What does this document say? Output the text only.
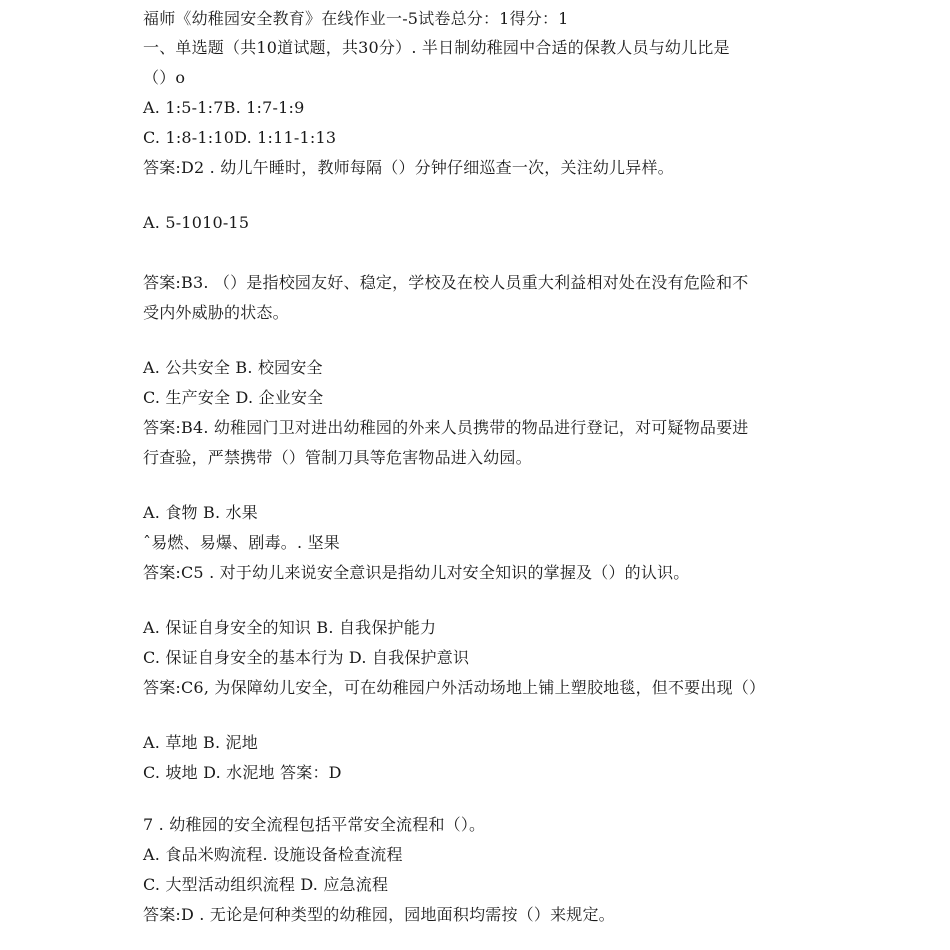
福师《幼稚园安全教育》在线作业一-5试卷总分：1得分：1
一、单选题（共10道试题，共30分）. 半日制幼稚园中合适的保教人员与幼儿比是
（）o
A. 1:5-1:7B. 1:7-1:9
C. 1:8-1:10D. 1:11-1:13
答案:D2 . 幼儿午睡时，教师每隔（）分钟仔细巡查一次，关注幼儿异样。
A. 5-1010-15
答案:B3. （）是指校园友好、稳定，学校及在校人员重大利益相对处在没有危险和不
受内外威胁的状态。
A. 公共安全 B. 校园安全
C. 生产安全 D. 企业安全
答案:B4. 幼稚园门卫对进出幼稚园的外来人员携带的物品进行登记，对可疑物品要进
行查验，严禁携带（）管制刀具等危害物品进入幼园。
A. 食物 B. 水果
ˆ易燃、易爆、剧毒。. 坚果
答案:C5 . 对于幼儿来说安全意识是指幼儿对安全知识的掌握及（）的认识。
A. 保证自身安全的知识 B. 自我保护能力
C. 保证自身安全的基本行为 D. 自我保护意识
答案:C6, 为保障幼儿安全，可在幼稚园户外活动场地上铺上塑胶地毯，但不要出现（）
A. 草地 B. 泥地
C. 坡地 D. 水泥地 答案：D
7 . 幼稚园的安全流程包括平常安全流程和（）。
A. 食品米购流程. 设施设备检查流程
C. 大型活动组织流程 D. 应急流程
答案:D . 无论是何种类型的幼稚园，园地面积均需按（）来规定。
